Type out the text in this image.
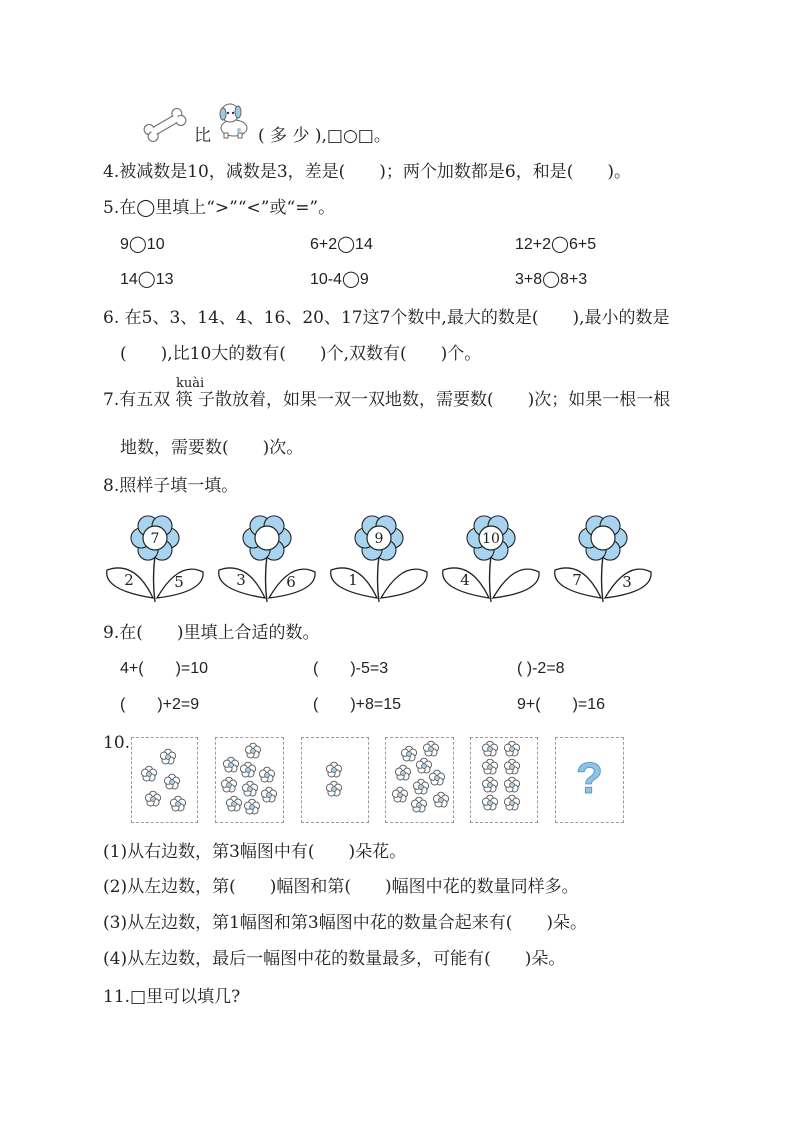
比	( 多 少 ),□○□。
4.被减数是10，减数是3，差是(　　)；两个加数都是6，和是(　　)。
5.在◯里填上“>”“<”或“=”。
9◯10	6+2◯14	12+2◯6+5
14◯13	10-4◯9	3+8◯8+3
6. 在5、3、14、4、16、20、17这7个数中,最大的数是(　　),最小的数是
(　　),比10大的数有(　　)个,双数有(　　)个。
kuài
7.有五双 筷 子散放着，如果一双一双地数，需要数(　　)次；如果一根一根
地数，需要数(　　)次。
8.照样子填一填。
7
2	5	3	6
9
1
10
4	7	3
9.在(　　)里填上合适的数。
4+(　　)=10	(　　)-5=3	( )-2=8
(　　)+2=9	(　　)+8=15	9+(　　)=16
10.
?
(1)从右边数，第3幅图中有(　　)朵花。
(2)从左边数，第(　　)幅图和第(　　)幅图中花的数量同样多。
(3)从左边数，第1幅图和第3幅图中花的数量合起来有(　　)朵。
(4)从左边数，最后一幅图中花的数量最多，可能有(　　)朵。
11.□里可以填几?
